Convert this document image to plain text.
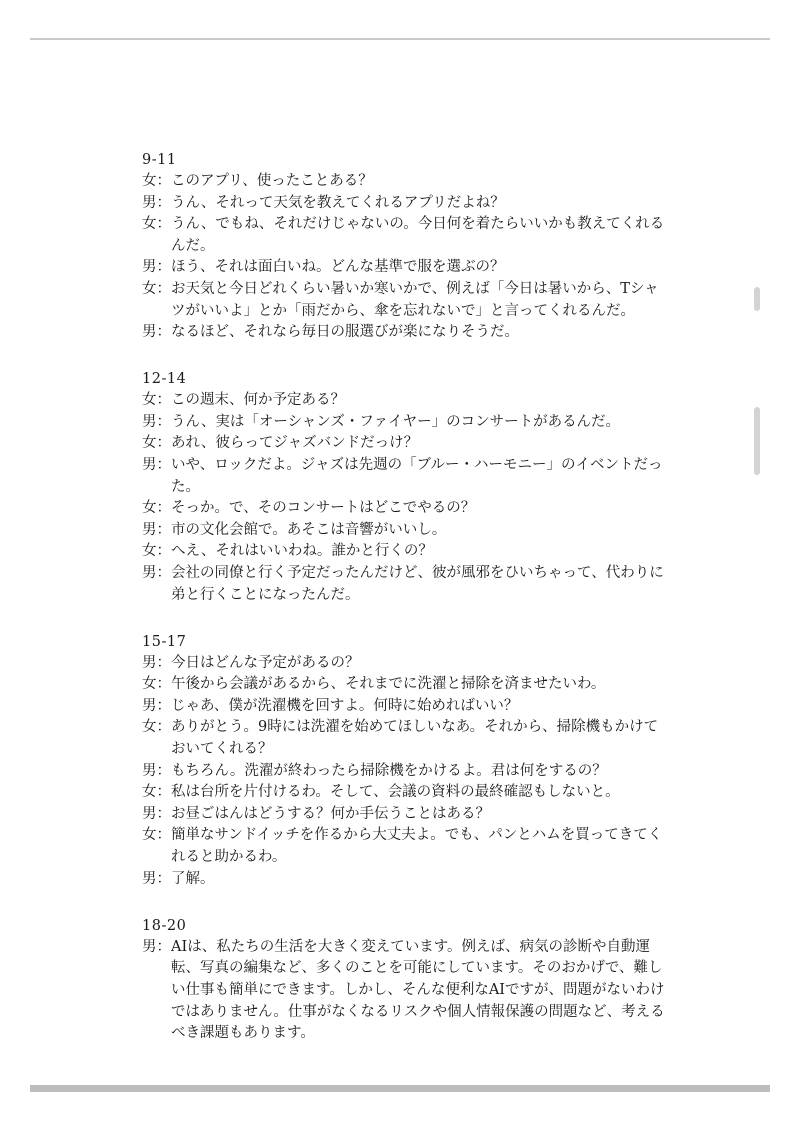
9-11
女： このアプリ、使ったことある？
男： うん、それって天気を教えてくれるアプリだよね？
女： うん、でもね、それだけじゃないの。今日何を着たらいいかも教えてくれるんだ。
男： ほう、それは面白いね。どんな基準で服を選ぶの？
女： お天気と今日どれくらい暑いか寒いかで、例えば「今日は暑いから、Tシャツがいいよ」とか「雨だから、傘を忘れないで」と言ってくれるんだ。
男： なるほど、それなら毎日の服選びが楽になりそうだ。
12-14
女： この週末、何か予定ある？
男： うん、実は「オーシャンズ・ファイヤー」のコンサートがあるんだ。
女： あれ、彼らってジャズバンドだっけ？
男： いや、ロックだよ。ジャズは先週の「ブルー・ハーモニー」のイベントだった。
女： そっか。で、そのコンサートはどこでやるの？
男： 市の文化会館で。あそこは音響がいいし。
女： へえ、それはいいわね。誰かと行くの？
男： 会社の同僚と行く予定だったんだけど、彼が風邪をひいちゃって、代わりに弟と行くことになったんだ。
15-17
男： 今日はどんな予定があるの？
女： 午後から会議があるから、それまでに洗濯と掃除を済ませたいわ。
男： じゃあ、僕が洗濯機を回すよ。何時に始めればいい？
女： ありがとう。9時には洗濯を始めてほしいなあ。それから、掃除機もかけておいてくれる？
男： もちろん。洗濯が終わったら掃除機をかけるよ。君は何をするの？
女： 私は台所を片付けるわ。そして、会議の資料の最終確認もしないと。
男： お昼ごはんはどうする？何か手伝うことはある？
女： 簡単なサンドイッチを作るから大丈夫よ。でも、パンとハムを買ってきてくれると助かるわ。
男： 了解。
18-20
男： AIは、私たちの生活を大きく変えています。例えば、病気の診断や自動運転、写真の編集など、多くのことを可能にしています。そのおかげで、難しい仕事も簡単にできます。しかし、そんな便利なAIですが、問題がないわけではありません。仕事がなくなるリスクや個人情報保護の問題など、考えるべき課題もあります。
